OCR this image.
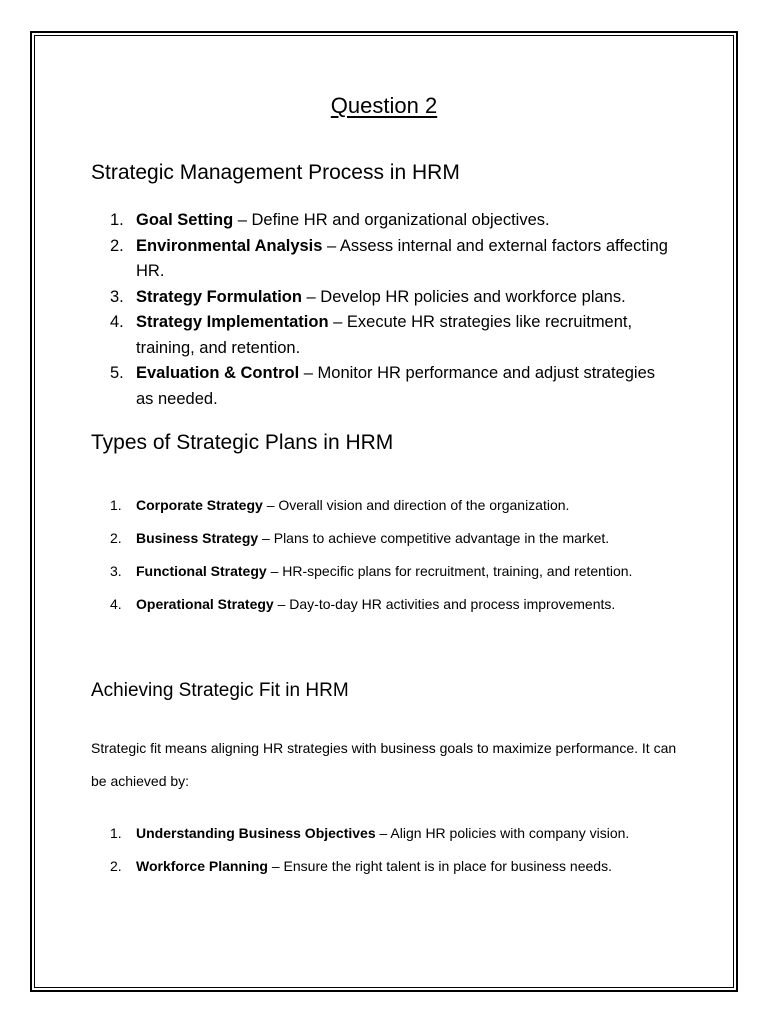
Question 2
Strategic Management Process in HRM
1. Goal Setting – Define HR and organizational objectives.
2. Environmental Analysis – Assess internal and external factors affecting HR.
3. Strategy Formulation – Develop HR policies and workforce plans.
4. Strategy Implementation – Execute HR strategies like recruitment, training, and retention.
5. Evaluation & Control – Monitor HR performance and adjust strategies as needed.
Types of Strategic Plans in HRM
1. Corporate Strategy – Overall vision and direction of the organization.
2. Business Strategy – Plans to achieve competitive advantage in the market.
3. Functional Strategy – HR-specific plans for recruitment, training, and retention.
4. Operational Strategy – Day-to-day HR activities and process improvements.
Achieving Strategic Fit in HRM

Strategic fit means aligning HR strategies with business goals to maximize performance. It can be achieved by:

1. Understanding Business Objectives – Align HR policies with company vision.
2. Workforce Planning – Ensure the right talent is in place for business needs.
